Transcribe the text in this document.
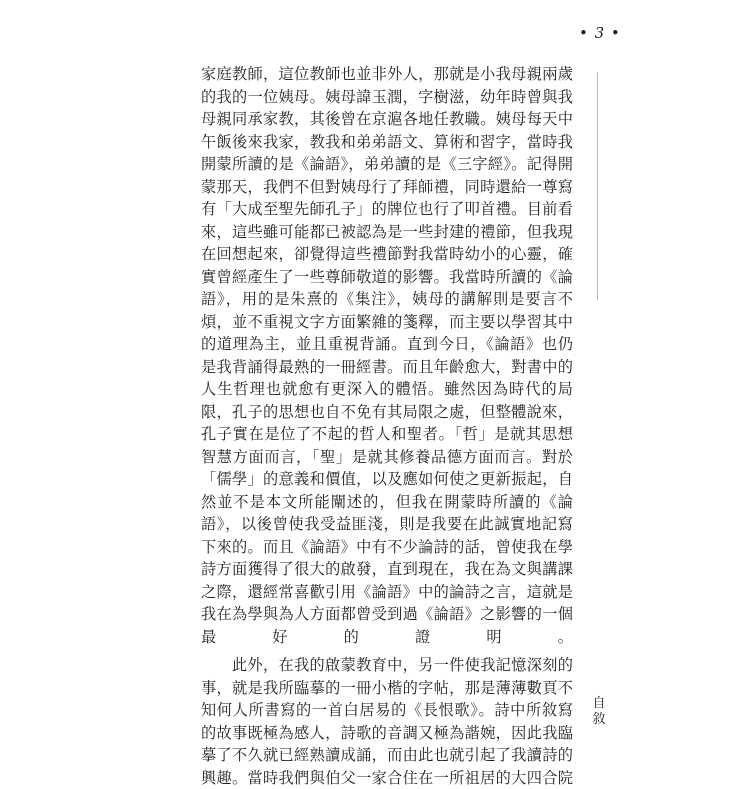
• 3 •

家庭教師，這位教師也並非外人，那就是小我母親兩歲的我的一位姨母。姨母諱玉潤，字樹滋，幼年時曾與我母親同承家教，其後曾在京滬各地任教職。姨母每天中午飯後來我家，教我和弟弟語文、算術和習字，當時我開蒙所讀的是《論語》，弟弟讀的是《三字經》。記得開蒙那天，我們不但對姨母行了拜師禮，同時還給一尊寫有「大成至聖先師孔子」的牌位也行了叩首禮。目前看來，這些雖可能都已被認為是一些封建的禮節，但我現在回想起來，卻覺得這些禮節對我當時幼小的心靈，確實曾經產生了一些尊師敬道的影響。我當時所讀的《論語》，用的是朱熹的《集注》，姨母的講解則是要言不煩，並不重視文字方面繁雜的箋釋，而主要以學習其中的道理為主，並且重視背誦。直到今日，《論語》也仍是我背誦得最熟的一冊經書。而且年齡愈大，對書中的人生哲理也就愈有更深入的體悟。雖然因為時代的局限，孔子的思想也自不免有其局限之處，但整體說來，孔子實在是位了不起的哲人和聖者。「哲」是就其思想智慧方面而言，「聖」是就其修養品德方面而言。對於「儒學」的意義和價值，以及應如何使之更新振起，自然並不是本文所能闡述的，但我在開蒙時所讀的《論語》，以後曾使我受益匪淺，則是我要在此誠實地記寫下來的。而且《論語》中有不少論詩的話，曾使我在學詩方面獲得了很大的啟發，直到現在，我在為文與講課之際，還經常喜歡引用《論語》中的論詩之言，這就是我在為學與為人方面都曾受到過《論語》之影響的一個最好的證明。

此外，在我的啟蒙教育中，另一件使我記憶深刻的事，就是我所臨摹的一冊小楷的字帖，那是薄薄數頁不知何人所書寫的一首白居易的《長恨歌》。詩中所敘寫的故事既極為感人，詩歌的音調又極為諧婉，因此我臨摹了不久就已經熟讀成誦，而由此也就引起了我讀詩的興趣。當時我們與伯父一家合住在一所祖居的大四合院

自
敘
